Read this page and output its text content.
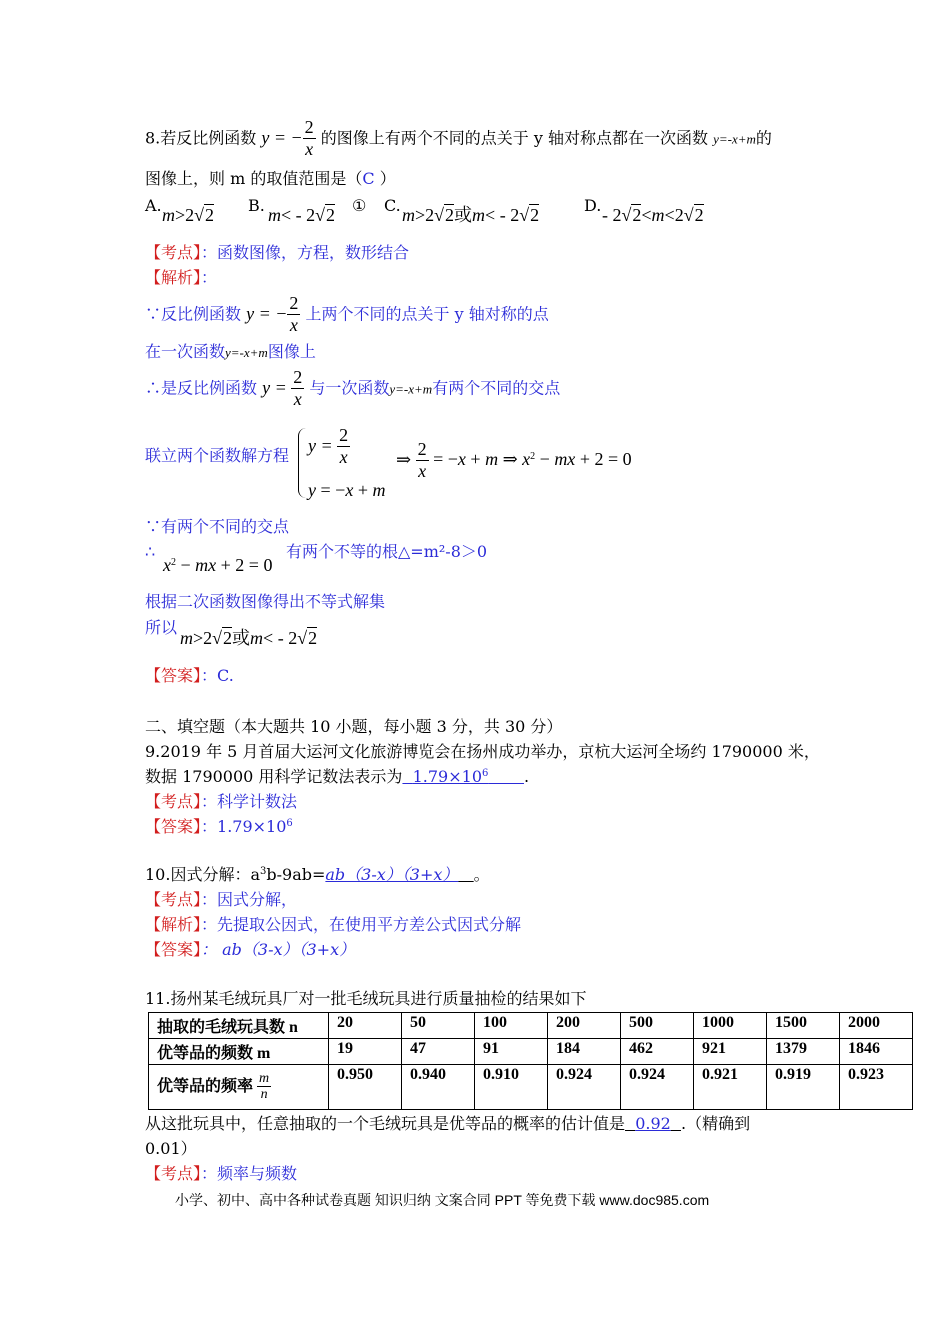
8.若反比例函数 y = − $\frac{2}{x}$ 的图像上有两个不同的点关于 y 轴对称点都在一次函数 y=-x+m的
图像上，则 m 的取值范围是（C ）
A. m>2√2 B. m< - 2√2 ① C. m>2√2或m< - 2√2	D. - 2√2<m<2√2
【考点】：函数图像，方程，数形结合
【解析】：
∵反比例函数 y = − $\frac{2}{x}$ 上两个不同的点关于 y 轴对称的点
在一次函数y=-x+m图像上
∴是反比例函数 $y = \frac{2}{x}$ 与一次函数y=-x+m有两个不同的交点
联立两个函数解方程
$y = \frac{2}{x}$
y = −x + m
⇒ $\frac{2}{x} = -x + m$ ⇒ $x^2$ − mx + 2 = 0
∵有两个不同的交点
∴
$x^2$ − mx + 2 = 0
有两个不等的根△=m²-8＞0
根据二次函数图像得出不等式解集
所以
m>2√2或m< - 2√2
【答案】：C.
二、填空题（本大题共 10 小题，每小题 3 分，共 30 分）
9.2019 年 5 月首届大运河文化旅游博览会在扬州成功举办，京杭大运河全场约 1790000 米，
数据 1790000 用科学记数法表示为 $1.79\times 10^6$ .
【考点】：科学计数法
【答案】：$1.79\times 10^6$
10.因式分解：$a^3b-9ab=ab(3-x)(3+x)$ 。
【考点】：因式分解，
【解析】：先提取公因式，在使用平方差公式因式分解
【答案】： ab（3-x）（3+x）
11.扬州某毛绒玩具厂对一批毛绒玩具进行质量抽检的结果如下
抽取的毛绒玩具数 n	20	50	100	200	500	1000	1500	2000
优等品的频数 m	19	47	91	184	462	921	1379	1846
优等品的频率 $\frac{m}{n}$	0.950	0.940	0.910	0.924	0.924	0.921	0.919	0.923
从这批玩具中，任意抽取的一个毛绒玩具是优等品的概率的估计值是 0.92 .（精确到
0.01）
【考点】：频率与频数
小学、初中、高中各种试卷真题 知识归纳 文案合同 PPT 等免费下载 www.doc985.com
